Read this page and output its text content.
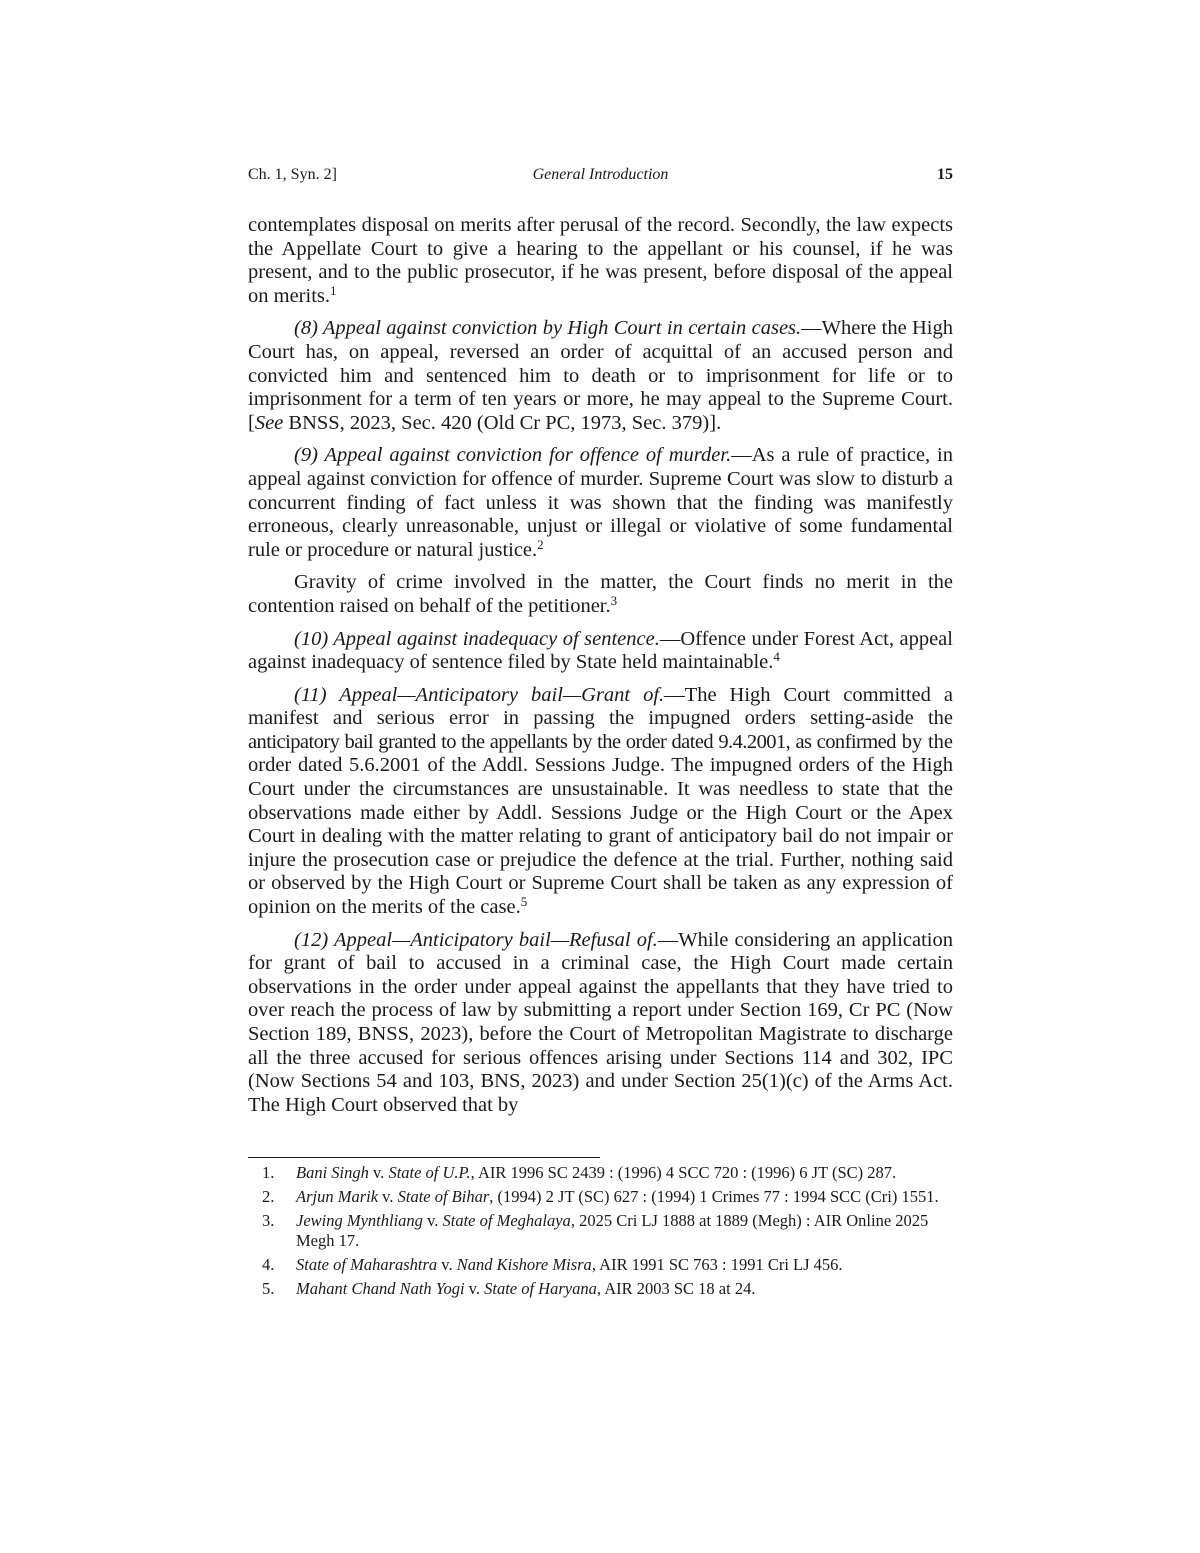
Ch. 1, Syn. 2]	General Introduction	15

contemplates disposal on merits after perusal of the record. Secondly, the law expects the Appellate Court to give a hearing to the appellant or his counsel, if he was present, and to the public prosecutor, if he was present, before disposal of the appeal on merits.$^1$

(8) Appeal against conviction by High Court in certain cases.—Where the High Court has, on appeal, reversed an order of acquittal of an accused person and convicted him and sentenced him to death or to imprisonment for life or to imprisonment for a term of ten years or more, he may appeal to the Supreme Court. [See BNSS, 2023, Sec. 420 (Old Cr PC, 1973, Sec. 379)].

(9) Appeal against conviction for offence of murder.—As a rule of practice, in appeal against conviction for offence of murder. Supreme Court was slow to disturb a concurrent finding of fact unless it was shown that the finding was manifestly erroneous, clearly unreasonable, unjust or illegal or violative of some fundamental rule or procedure or natural justice.$^2$

Gravity of crime involved in the matter, the Court finds no merit in the contention raised on behalf of the petitioner.$^3$

(10) Appeal against inadequacy of sentence.—Offence under Forest Act, appeal against inadequacy of sentence filed by State held maintainable.$^4$

(11) Appeal—Anticipatory bail—Grant of.—The High Court committed a manifest and serious error in passing the impugned orders setting-aside the anticipatory bail granted to the appellants by the order dated 9.4.2001, as confirmed by the order dated 5.6.2001 of the Addl. Sessions Judge. The impugned orders of the High Court under the circumstances are unsustainable. It was needless to state that the observations made either by Addl. Sessions Judge or the High Court or the Apex Court in dealing with the matter relating to grant of anticipatory bail do not impair or injure the prosecution case or prejudice the defence at the trial. Further, nothing said or observed by the High Court or Supreme Court shall be taken as any expression of opinion on the merits of the case.$^5$

(12) Appeal—Anticipatory bail—Refusal of.—While considering an application for grant of bail to accused in a criminal case, the High Court made certain observations in the order under appeal against the appellants that they have tried to over reach the process of law by submitting a report under Section 169, Cr PC (Now Section 189, BNSS, 2023), before the Court of Metropolitan Magistrate to discharge all the three accused for serious offences arising under Sections 114 and 302, IPC (Now Sections 54 and 103, BNS, 2023) and under Section 25(1)(c) of the Arms Act. The High Court observed that by

1. Bani Singh v. State of U.P., AIR 1996 SC 2439 : (1996) 4 SCC 720 : (1996) 6 JT (SC) 287.
2. Arjun Marik v. State of Bihar, (1994) 2 JT (SC) 627 : (1994) 1 Crimes 77 : 1994 SCC (Cri) 1551.
3. Jewing Mynthliang v. State of Meghalaya, 2025 Cri LJ 1888 at 1889 (Megh) : AIR Online 2025 Megh 17.
4. State of Maharashtra v. Nand Kishore Misra, AIR 1991 SC 763 : 1991 Cri LJ 456.
5. Mahant Chand Nath Yogi v. State of Haryana, AIR 2003 SC 18 at 24.
